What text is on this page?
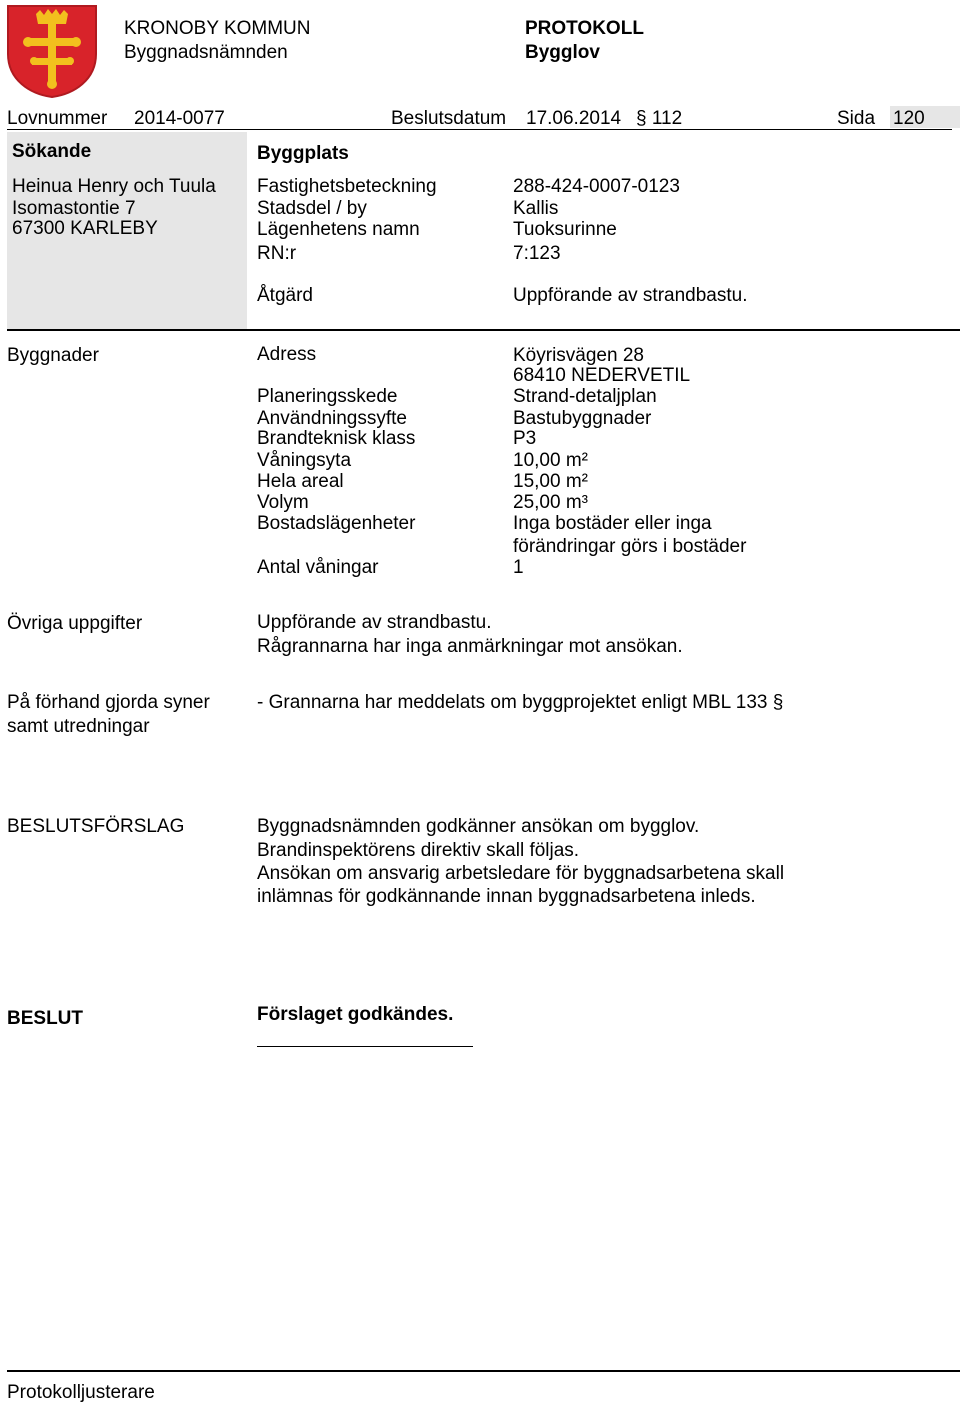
KRONOBY KOMMUN
Byggnadsnämnden
PROTOKOLL
Bygglov
Lovnummer 2014-0077	Beslutsdatum 17.06.2014 § 112	Sida 120
Sökande
Heinua Henry och Tuula
Isomastontie 7
67300 KARLEBY
Byggplats
Fastighetsbeteckning	288-424-0007-0123
Stadsdel / by	Kallis
Lägenhetens namn	Tuoksurinne
RN:r	7:123
Åtgärd	Uppförande av strandbastu.
Byggnader	Adress	Köyrisvägen 28
68410 NEDERVETIL
Planeringsskede	Strand-detaljplan
Användningssyfte	Bastubyggnader
Brandteknisk klass	P3
Våningsyta	10,00 m²
Hela areal	15,00 m²
Volym	25,00 m³
Bostadslägenheter	Inga bostäder eller inga
förändringar görs i bostäder
Antal våningar	1
Övriga uppgifter	Uppförande av strandbastu.
Rågrannarna har inga anmärkningar mot ansökan.
På förhand gjorda syner
samt utredningar
- Grannarna har meddelats om byggprojektet enligt MBL 133 §
BESLUTSFÖRSLAG	Byggnadsnämnden godkänner ansökan om bygglov.
Brandinspektörens direktiv skall följas.
Ansökan om ansvarig arbetsledare för byggnadsarbetena skall
inlämnas för godkännande innan byggnadsarbetena inleds.
BESLUT	Förslaget godkändes.
Protokolljusterare
